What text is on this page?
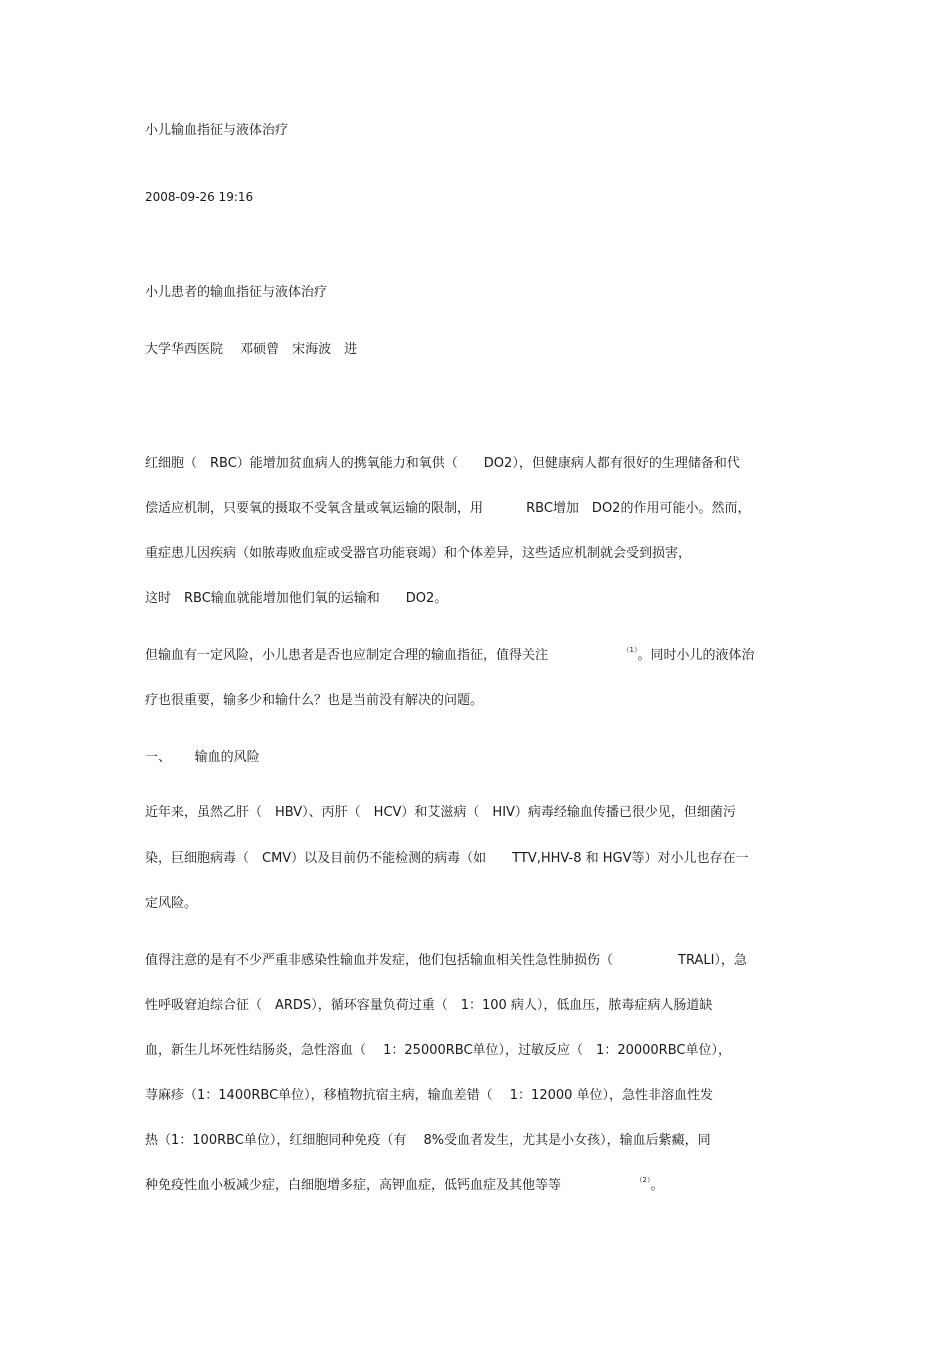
小儿输血指征与液体治疗

2008-09-26 19:16

小儿患者的输血指征与液体治疗

大学华西医院　 邓硕曾　宋海波　进

红细胞（　RBC）能增加贫血病人的携氧能力和氧供（　　DO2），但健康病人都有很好的生理储备和代

偿适应机制，只要氧的摄取不受氧含量或氧运输的限制，用　　　 RBC增加　DO2的作用可能小。然而，

重症患儿因疾病（如脓毒败血症或受器官功能衰竭）和个体差异，这些适应机制就会受到损害，

这时　RBC输血就能增加他们氧的运输和　　DO2。

但输血有一定风险，小儿患者是否也应制定合理的输血指征，值得关注　　　　　　$^{(1)}$。同时小儿的液体治

疗也很重要，输多少和输什么？也是当前没有解决的问题。

一、　　 输血的风险

近年来，虽然乙肝（　HBV）、丙肝（　HCV）和艾滋病（　HIV）病毒经输血传播已很少见，但细菌污

染，巨细胞病毒（　CMV）以及目前仍不能检测的病毒（如　　TTV,HHV-8 和 HGV等）对小儿也存在一

定风险。

值得注意的是有不少严重非感染性输血并发症，他们包括输血相关性急性肺损伤（　　　　　TRALI），急

性呼吸窘迫综合征（　ARDS），循环容量负荷过重（　1：100 病人），低血压，脓毒症病人肠道缺

血，新生儿坏死性结肠炎，急性溶血（　 1：25000RBC单位），过敏反应（　1：20000RBC单位），

荨麻疹（1：1400RBC单位），移植物抗宿主病，输血差错（　 1：12000 单位），急性非溶血性发

热（1：100RBC单位），红细胞同种免疫（有　 8%受血者发生，尤其是小女孩），输血后紫癜，同

种免疫性血小板减少症，白细胞增多症，高钾血症，低钙血症及其他等等　　　　　　$^{(2)}$。
